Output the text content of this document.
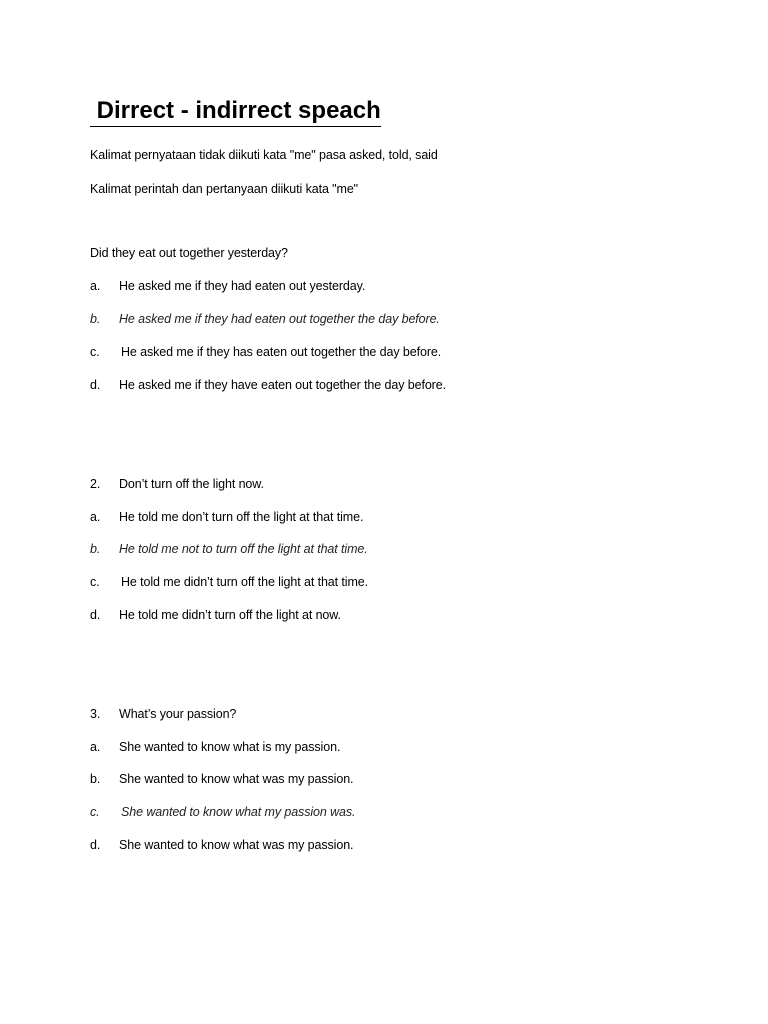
Dirrect - indirrect speach
Kalimat pernyataan tidak diikuti kata "me" pasa asked, told, said
Kalimat perintah dan pertanyaan diikuti kata "me"
Did they eat out together yesterday?
a. He asked me if they had eaten out yesterday.
b. He asked me if they had eaten out together the day before.
c. He asked me if they has eaten out together the day before.
d. He asked me if they have eaten out together the day before.
2. Don’t turn off the light now.
a. He told me don’t turn off the light at that time.
b. He told me not to turn off the light at that time.
c. He told me didn’t turn off the light at that time.
d. He told me didn’t turn off the light at now.
3. What’s your passion?
a. She wanted to know what is my passion.
b. She wanted to know what was my passion.
c. She wanted to know what my passion was.
d. She wanted to know what was my passion.
